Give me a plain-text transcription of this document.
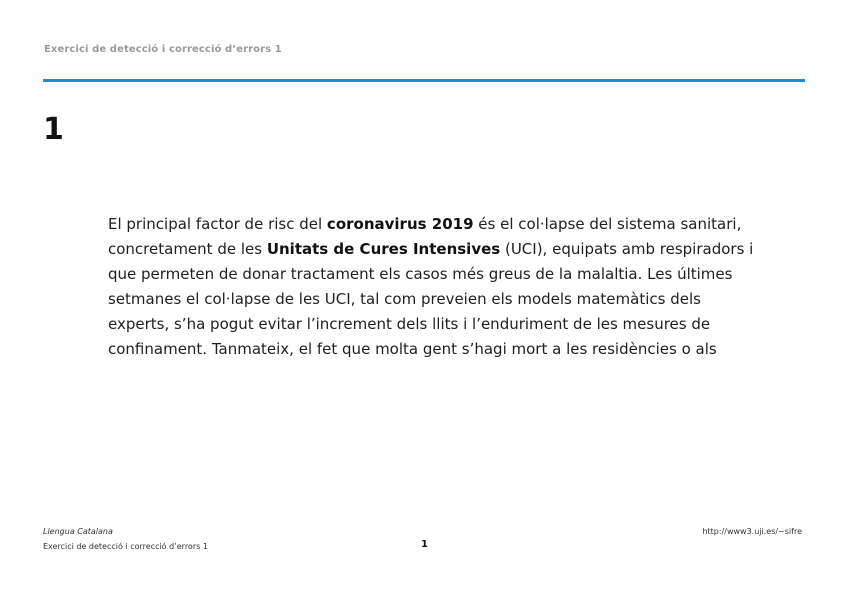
Exercici de detecció i correcció d’errors 1
1

El principal factor de risc del coronavirus 2019 és el col·lapse del sistema sanitari,
concretament de les Unitats de Cures Intensives (UCI), equipats amb respiradors i
que permeten de donar tractament els casos més greus de la malaltia. Les últimes
setmanes el col·lapse de les UCI, tal com preveien els models matemàtics dels
experts, s’ha pogut evitar l’increment dels llits i l’enduriment de les mesures de
confinament. Tanmateix, el fet que molta gent s’hagi mort a les residències o als

Llengua Catalana
Exercici de detecció i correcció d’errors 1	1
http://www3.uji.es/~sifre
